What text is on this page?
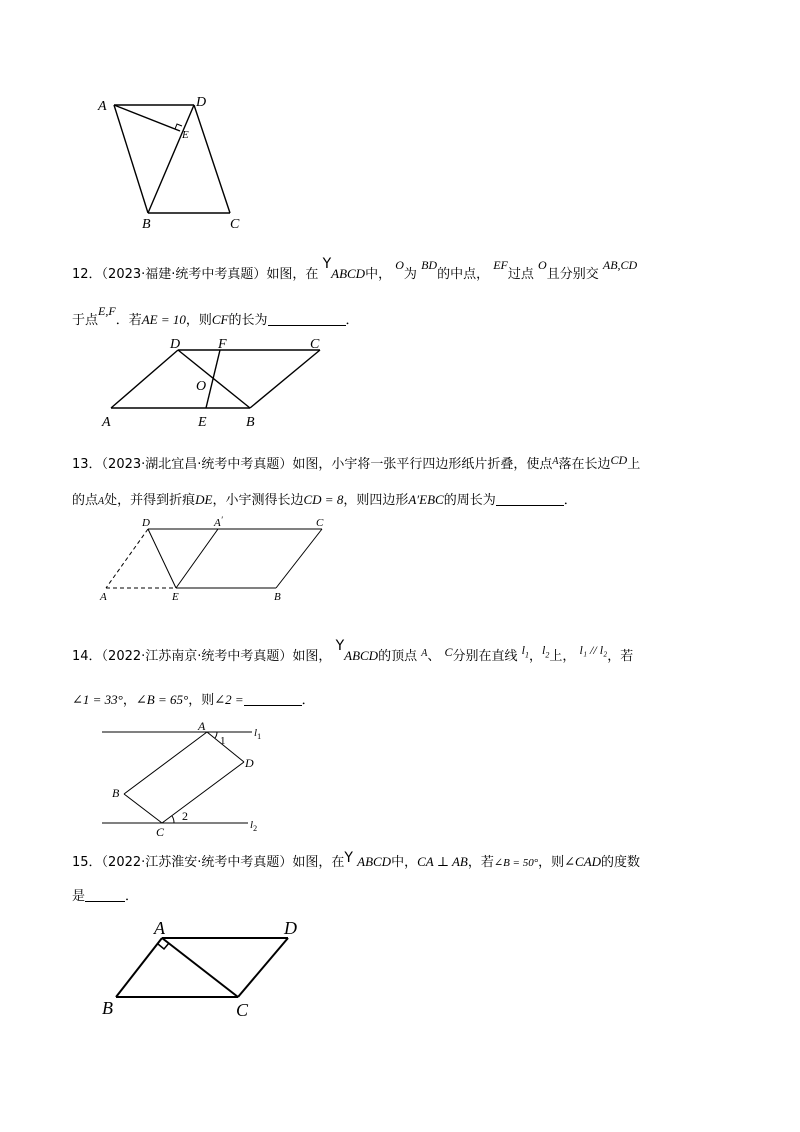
A	D
E
B	C
12．（2023·福建·统考中考真题）如图，在 YABCD中， O为 BD的中点， EF过点 O且分别交 AB,CD
于点E,F．若AE = 10，则CF的长为	．
D	F	C
O
A	E	B
13．（2023·湖北宜昌·统考中考真题）如图，小宇将一张平行四边形纸片折叠，使点$^A$落在长边CD上
的点A处，并得到折痕DE，小宇测得长边CD = 8，则四边形A′EBC的周长为	．
D	A′	C
A	E	B
14．（2022·江苏南京·统考中考真题）如图， YABCD的顶点 $^A$、 C分别在直线 $l_1$，$l_2$上， l₁ // l₂，若
∠1 = 33°，∠B = 65°，则∠2 =	．
A
1
$l_1$
D
B
2
C	$l_2$
15．（2022·江苏淮安·统考中考真题）如图，在Y ABCD中，CA ⊥ AB，若∠B = 50°，则∠CAD的度数
是	．
A	D
B	C
